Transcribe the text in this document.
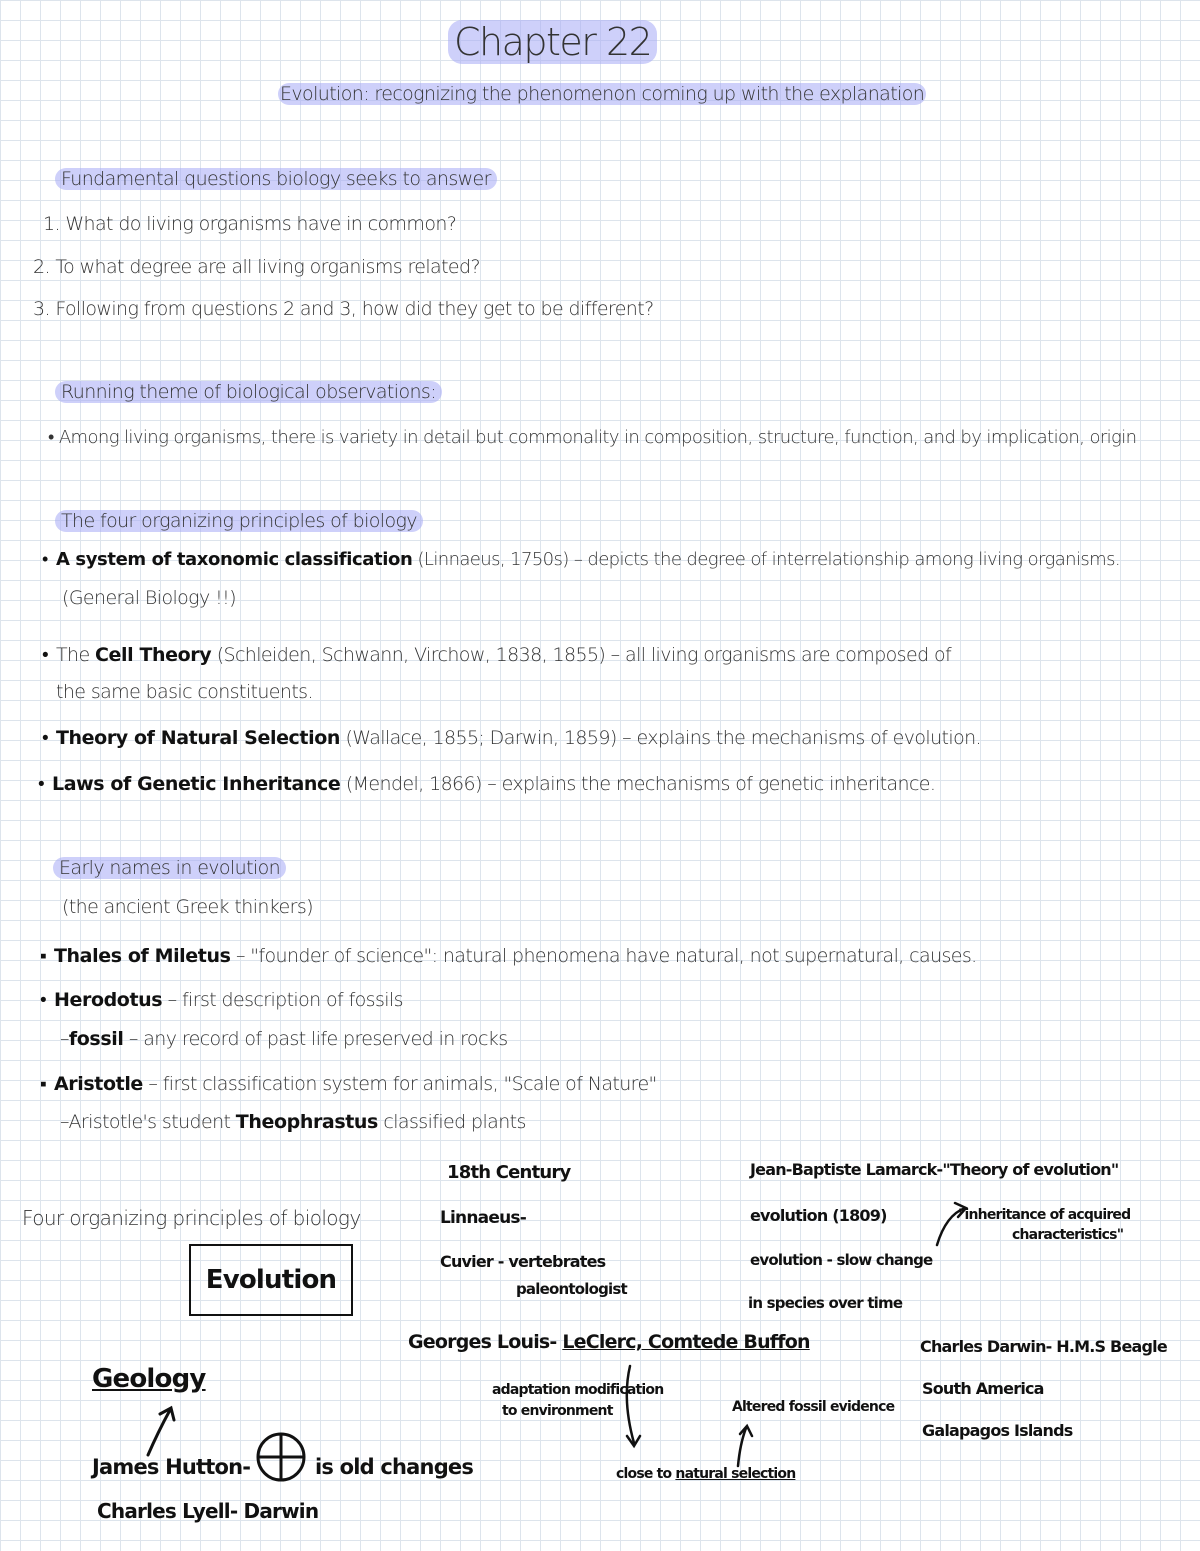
Chapter 22
Evolution: recognizing the phenomenon coming up with the explanation
Fundamental questions biology seeks to answer
1. What do living organisms have in common?
2. To what degree are all living organisms related?
3. Following from questions 2 and 3, how did they get to be different?
Running theme of biological observations:
• Among living organisms, there is variety in detail but commonality in composition, structure, function, and by implication, origin
The four organizing principles of biology
• A system of taxonomic classification (Linnaeus, 1750s) – depicts the degree of interrelationship among living organisms.
(General Biology !!)
• The Cell Theory (Schleiden, Schwann, Virchow, 1838, 1855) – all living organisms are composed of
the same basic constituents.
• Theory of Natural Selection (Wallace, 1855; Darwin, 1859) – explains the mechanisms of evolution.
• Laws of Genetic Inheritance (Mendel, 1866) – explains the mechanisms of genetic inheritance.
Early names in evolution
(the ancient Greek thinkers)
▪ Thales of Miletus – "founder of science": natural phenomena have natural, not supernatural, causes.
• Herodotus – first description of fossils
–fossil – any record of past life preserved in rocks
▪ Aristotle – first classification system for animals, "Scale of Nature"
–Aristotle's student Theophrastus classified plants
Four organizing principles of biology
Evolution
Geology
James Hutton-	is old changes
Charles Lyell- Darwin
18th Century
Linnaeus-
Cuvier - vertebrates
paleontologist
Jean-Baptiste Lamarck-"Theory of evolution"
evolution (1809)
evolution - slow change
in species over time
"inheritance of acquired
characteristics"
Georges Louis- LeClerc, Comtede Buffon
adaptation modification
to environment	Altered fossil evidence
close to natural selection
Charles Darwin- H.M.S Beagle
South America
Galapagos Islands
